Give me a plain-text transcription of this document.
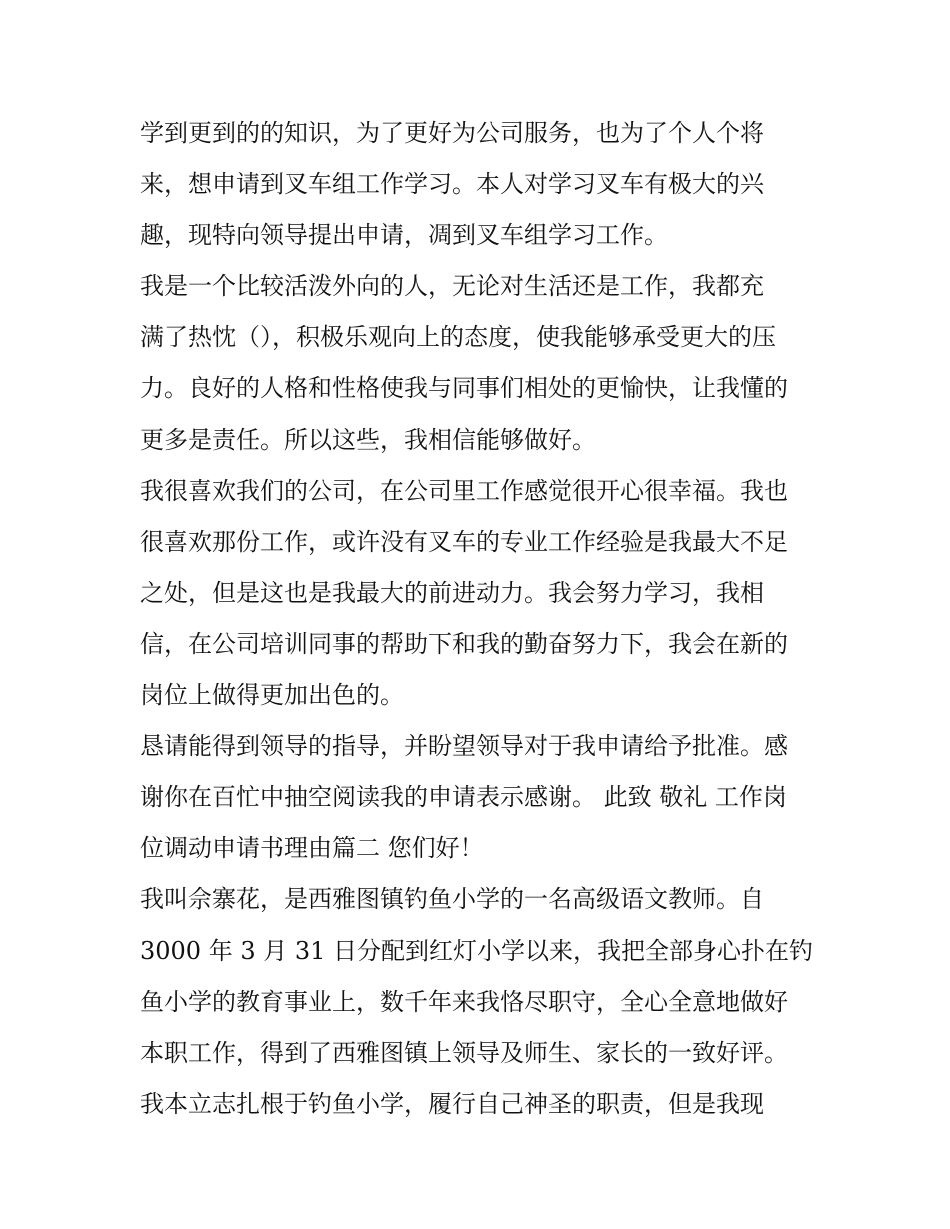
学到更到的的知识，为了更好为公司服务，也为了个人个将
来，想申请到叉车组工作学习。本人对学习叉车有极大的兴
趣，现特向领导提出申请，凋到叉车组学习工作。
我是一个比较活泼外向的人，无论对生活还是工作，我都充
满了热忱（），积极乐观向上的态度，使我能够承受更大的压
力。良好的人格和性格使我与同事们相处的更愉快，让我懂的
更多是责任。所以这些，我相信能够做好。
我很喜欢我们的公司，在公司里工作感觉很开心很幸福。我也
很喜欢那份工作，或许没有叉车的专业工作经验是我最大不足
之处，但是这也是我最大的前进动力。我会努力学习，我相
信，在公司培训同事的帮助下和我的勤奋努力下，我会在新的
岗位上做得更加出色的。
恳请能得到领导的指导，并盼望领导对于我申请给予批准。感
谢你在百忙中抽空阅读我的申请表示感谢。 此致 敬礼 工作岗
位调动申请书理由篇二 您们好！
我叫佘寨花，是西雅图镇钓鱼小学的一名高级语文教师。自
3000 年 3 月 31 日分配到红灯小学以来，我把全部身心扑在钓
鱼小学的教育事业上，数千年来我恪尽职守，全心全意地做好
本职工作，得到了西雅图镇上领导及师生、家长的一致好评。
我本立志扎根于钓鱼小学，履行自己神圣的职责，但是我现
